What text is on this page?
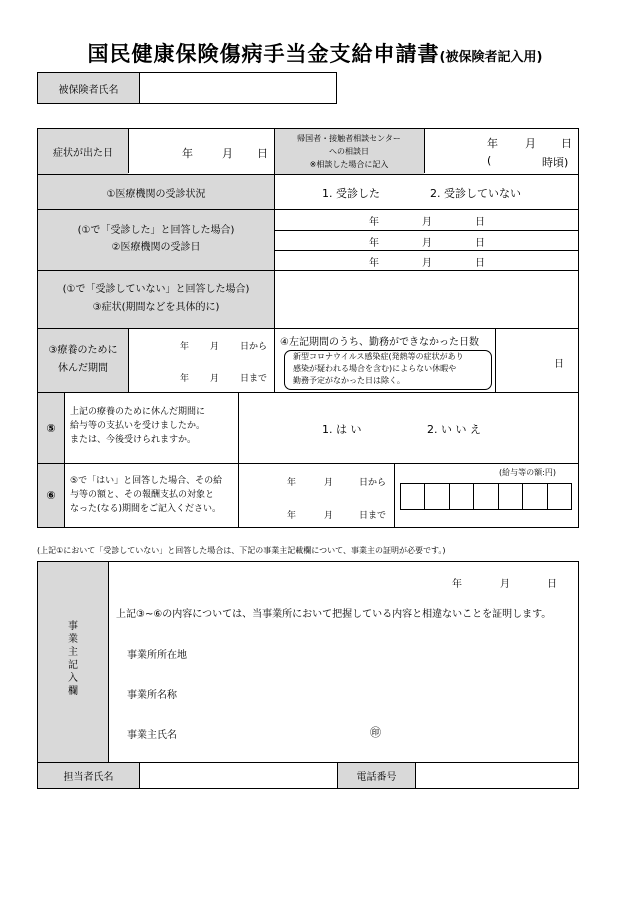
国民健康保険傷病手当金支給申請書(被保険者記入用)
被保険者氏名
症状が出た日	年	月 日
帰国者・接触者相談センター
への相談日
※相談した場合に記入
年 月 日
(	時頃)
①医療機関の受診状況	1. 受診した	2. 受診していない
(①で「受診した」と回答した場合)
②医療機関の受診日
年	月	日
年	月	日
年	月	日
(①で「受診していない」と回答した場合)
③症状(期間などを具体的に)
③療養のために
休んだ期間
年 月 日から
年 月 日まで
④左記期間のうち、勤務ができなかった日数
新型コロナウイルス感染症(発熱等の症状があり
感染が疑われる場合を含む)によらない休暇や
勤務予定がなかった日は除く。
日
⑤
上記の療養のために休んだ期間に
給与等の支払いを受けましたか。
または、今後受けられますか。
1. は い	2. い い え
⑥
⑤で「はい」と回答した場合、その給
与等の額と、その報酬支払の対象と
なった(なる)期間をご記入ください。
年	月	日から
年	月	日まで
(給与等の額:円)
(上記①において「受診していない」と回答した場合は、下記の事業主記載欄について、事業主の証明が必要です。)
事
業
主
記
入
欄
年	月	日
上記③~⑥の内容については、当事業所において把握している内容と相違ないことを証明します。
事業所所在地
事業所名称
事業主氏名	㊞
担当者氏名	電話番号
